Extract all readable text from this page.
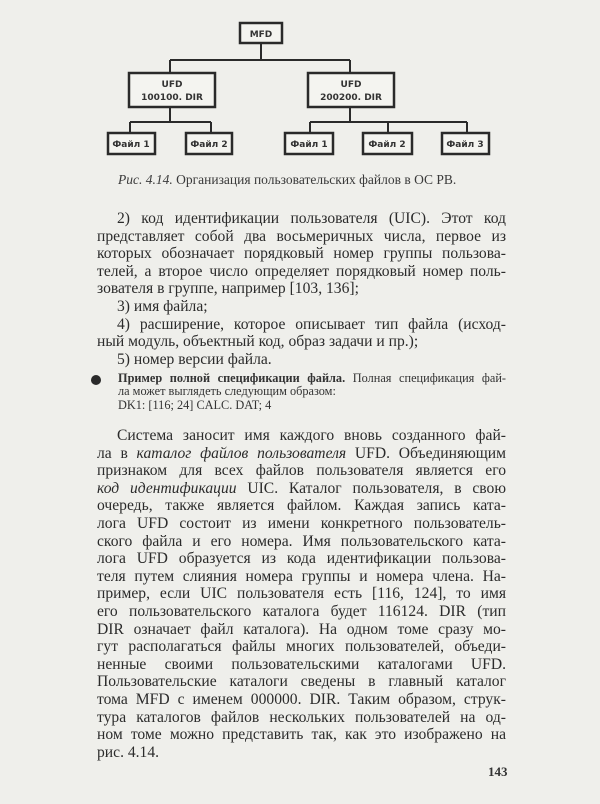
MFD
UFD
100100. DIR
UFD
200200. DIR
Файл 1	Файл 2	Файл 1	Файл 2	Файл 3
Рис. 4.14. Организация пользовательских файлов в ОС РВ.
2) код идентификации пользователя (UIC). Этот код
представляет собой два восьмеричных числа, первое из
которых обозначает порядковый номер группы пользова-
телей, а второе число определяет порядковый номер поль-
зователя в группе, например [103, 136];
3) имя файла;
4) расширение, которое описывает тип файла (исход-
ный модуль, объектный код, образ задачи и пр.);
5) номер версии файла.
Пример полной спецификации файла. Полная спецификация фай-
ла может выглядеть следующим образом:
DK1: [116; 24] CALC. DAT; 4
Система заносит имя каждого вновь созданного фай-
ла в каталог файлов пользователя UFD. Объединяющим
признаком для всех файлов пользователя является его
код идентификации UIC. Каталог пользователя, в свою
очередь, также является файлом. Каждая запись ката-
лога UFD состоит из имени конкретного пользователь-
ского файла и его номера. Имя пользовательского ката-
лога UFD образуется из кода идентификации пользова-
теля путем слияния номера группы и номера члена. На-
пример, если UIC пользователя есть [116, 124], то имя
его пользовательского каталога будет 116124. DIR (тип
DIR означает файл каталога). На одном томе сразу мо-
гут располагаться файлы многих пользователей, объеди-
ненные своими пользовательскими каталогами UFD.
Пользовательские каталоги сведены в главный каталог
тома MFD с именем 000000. DIR. Таким образом, струк-
тура каталогов файлов нескольких пользователей на од-
ном томе можно представить так, как это изображено на
рис. 4.14.
143
